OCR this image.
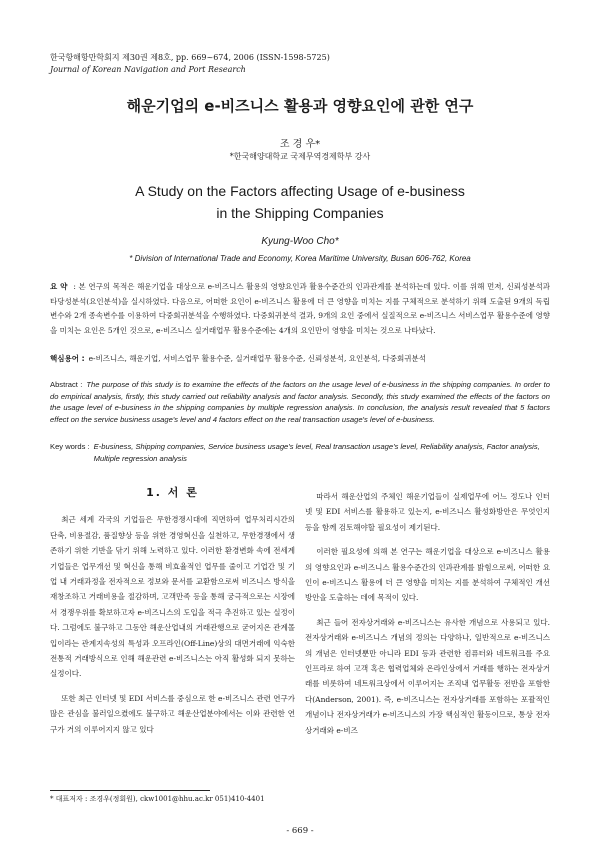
한국항해항만학회지 제30권 제8호, pp. 669~674, 2006 (ISSN-1598-5725)
Journal of Korean Navigation and Port Research
해운기업의 e-비즈니스 활용과 영향요인에 관한 연구
조 경 우*
*한국해양대학교 국제무역경제학부 강사
A Study on the Factors affecting Usage of e-business
in the Shipping Companies
Kyung-Woo Cho*
* Division of International Trade and Economy, Korea Maritime University, Busan 606-762, Korea
요 약 : 본 연구의 목적은 해운기업을 대상으로 e-비즈니스 활용의 영향요인과 활용수준간의 인과관계를 분석하는데 있다. 이를 위해 먼저, 신뢰성분석과 타당성분석(요인분석)을 실시하였다. 다음으로, 어떠한 요인이 e-비즈니스 활용에 더 큰 영향을 미치는 지를 구체적으로 분석하기 위해 도출된 9개의 독립변수와 2개 종속변수를 이용하여 다중회귀분석을 수행하였다. 다중회귀분석 결과, 9개의 요인 중에서 실질적으로 e-비즈니스 서비스업무 활용수준에 영향을 미치는 요인은 5개인 것으로, e-비즈니스 실거래업무 활용수준에는 4개의 요인만이 영향을 미치는 것으로 나타났다.
핵심용어 : e-비즈니스, 해운기업, 서비스업무 활용수준, 실거래업무 활용수준, 신뢰성분석, 요인분석, 다중회귀분석
Abstract : The purpose of this study is to examine the effects of the factors on the usage level of e-business in the shipping companies. In order to do empirical analysis, firstly, this study carried out reliability analysis and factor analysis. Secondly, this study examined the effects of the factors on the usage level of e-business in the shipping companies by multiple regression analysis. In conclusion, the analysis result revealed that 5 factors effect on the service business usage's level and 4 factors effect on the real transaction usage's level of e-business.
Key words : E-business, Shipping companies, Service business usage's level, Real transaction usage's level, Reliability analysis, Factor analysis, Multiple regression analysis
1. 서 론

최근 세계 각국의 기업들은 무한경쟁시대에 직면하여 업무처리시간의 단축, 비용절감, 품질향상 등을 위한 경영혁신을 실천하고, 무한경쟁에서 생존하기 위한 기반을 닦기 위해 노력하고 있다. 이러한 환경변화 속에 전세계 기업들은 업무개선 및 혁신을 통해 비효율적인 업무를 줄이고 기업간 및 기업 내 거래과정을 전자적으로 정보와 문서를 교환함으로써 비즈니스 방식을 재창조하고 거래비용을 절감하며, 고객만족 등을 통해 궁극적으로는 시장에서 경쟁우위를 확보하고자 e-비즈니스의 도입을 적극 추진하고 있는 실정이다. 그럼에도 불구하고 그동안 해운산업내의 거래관행으로 굳어지온 관계몰입이라는 관계지속성의 특성과 오프라인(Off-Line)상의 대면거래에 익숙한 전통적 거래방식으로 인해 해운관련 e-비즈니스는 아직 활성화 되지 못하는 실정이다.

또한 최근 인터넷 및 EDI 서비스를 중심으로 한 e-비즈니스 관련 연구가 많은 관심을 불러일으켰에도 불구하고 해운산업분야에서는 이와 관련한 연구가 거의 이루어지지 않고 있다

따라서 해운산업의 주체인 해운기업들이 실제업무에 어느 정도나 인터넷 및 EDI 서비스를 활용하고 있는지, e-비즈니스 활성화방안은 무엇인지 등을 함께 검토해야할 필요성이 제기된다.

이러한 필요성에 의해 본 연구는 해운기업을 대상으로 e-비즈니스 활용의 영향요인과 e-비즈니스 활용수준간의 인과관계를 밝힘으로써, 어떠한 요인이 e-비즈니스 활용에 더 큰 영향을 미치는 지를 분석하여 구체적인 개선방안을 도출하는 데에 목적이 있다.

최근 들어 전자상거래와 e-비즈니스는 유사한 개념으로 사용되고 있다. 전자상거래와 e-비즈니스 개념의 정의는 다양하나, 일반적으로 e-비즈니스의 개념은 인터넷뿐만 아니라 EDI 등과 관련한 컴퓨터와 네트워크를 주요 인프라로 하여 고객 혹은 협력업체와 온라인상에서 거래를 행하는 전자상거래를 비롯하여 네트워크상에서 이루어지는 조직내 업무활동 전반을 포함한다(Anderson, 2001). 즉, e-비즈니스는 전자상거래를 포함하는 포괄적인 개념이나 전자상거래가 e-비즈니스의 가장 핵심적인 활동이므로, 통상 전자상거래와 e-비즈

* 대표저자 : 조경우(정회원), ckw1001@hhu.ac.kr 051)410-4401
- 669 -
